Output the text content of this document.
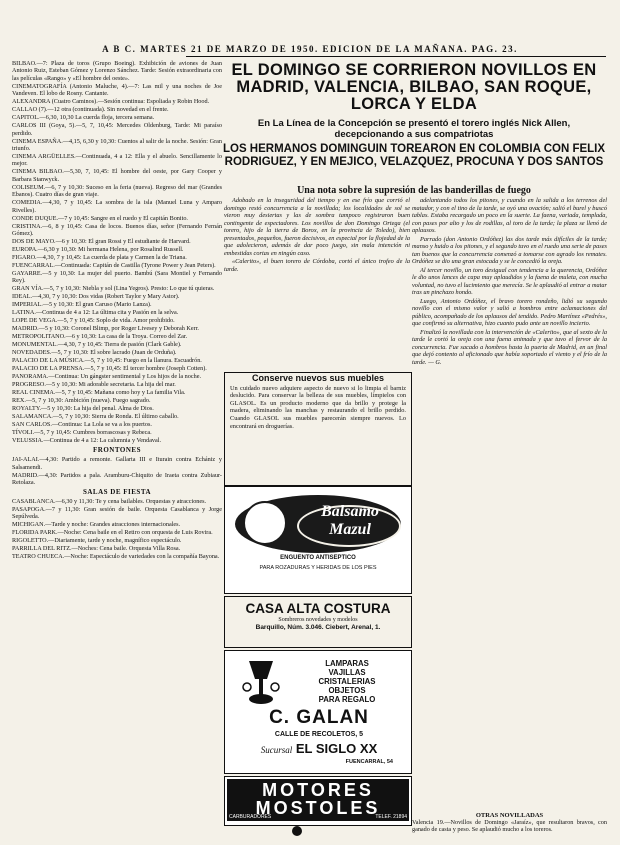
A B C. MARTES 21 DE MARZO DE 1950. EDICION DE LA MAÑANA. PAG. 23.

BILBAO.—7: Plaza de toros (Grupo Boeing). Exhibición de aviones de Juan Antonio Ruiz, Esteban Gómez y Lorenzo Sánchez. Tarde: Sesión extraordinaria con las películas «Rango» y «El hombre del oeste».

CINEMATOGRAFÍA (Antonio Maluche, 4).—7: Las mil y una noches de Joe Vandeven. El lobo de Rosny. Cantante.

ALEXANDRA (Cuatro Caminos).—Sesión continua: Espoliada y Robin Hood.

CALLAO (7).—12 otra (continuada). Sin novedad en el frente.

CAPITOL.—6,30, 10,30 La cuerda floja, tercera semana.

CARLOS III (Goya, 5).—5, 7, 10,45: Mercedes Oldenburg, Tarde: Mi paraíso perdido.

CINEMA ESPAÑA.—4,15, 6,30 y 10,30: Cuentos al salir de la noche. Sesión: Gran triunfo.

CINEMA ARGÜELLES.—Continuada, 4 a 12: Ella y el abuelo. Sencillamente lo mejor.

CINEMA BILBAO.—5,30, 7, 10,45: El hombre del oeste, por Gary Cooper y Barbara Stanwyck.

COLISEUM.—6, 7 y 10,30: Suceso en la feria (nueva). Regreso del mar (Grandes Ebanos). Cuatro días de gran viaje.

COMEDIA.—4,30, 7 y 10,45: La sombra de la isla (Manuel Luna y Amparo Rivelles).

CONDE DUQUE.—7 y 10,45: Sangre en el ruedo y El capitán Bonito.

CRISTINA.—6, 8 y 10,45: Casa de locos. Buenos días, señor (Fernando Fernán Gómez).

DOS DE MAYO.—6 y 10,30: El gran Rossi y El estudiante de Harvard.

EUROPA.—6,30 y 10,30: Mi hermana Helena, por Rosalind Russell.

FIGARO.—4,30, 7 y 10,45: La cuerda de plata y Carmen la de Triana.

FUENCARRAL.—Continuada: Capitán de Castilla (Tyrone Power y Jean Peters).

GAYARRE.—5 y 10,30: La mujer del puerto. Bambú (Sara Montiel y Fernando Rey).

GRAN VÍA.—5, 7 y 10,30: Niebla y sol (Lina Yegros). Presto: Lo que tú quieras.

IDEAL.—4,30, 7 y 10,30: Dos vidas (Robert Taylor y Mary Astor).

IMPERIAL.—5 y 10,30: El gran Caruso (Mario Lanza).

LATINA.—Continua de 4 a 12: La última cita y Pasión en la selva.

LOPE DE VEGA.—5, 7 y 10,45: Soplo de vida. Amor prohibido.

MADRID.—5 y 10,30: Coronel Blimp, por Roger Livesey y Deborah Kerr.

METROPOLITANO.—6 y 10,30: La casa de la Troya. Correo del Zar.

MONUMENTAL.—4,30, 7 y 10,45: Tierra de pasión (Clark Gable).

NOVEDADES.—5, 7 y 10,30: El sobre lacrado (Juan de Orduña).

PALACIO DE LA MÚSICA.—5, 7 y 10,45: Fuego en la llanura. Escuadrón.

PALACIO DE LA PRENSA.—5, 7 y 10,45: El tercer hombre (Joseph Cotten).

PANORAMA.—Continua: Un gángster sentimental y Los hijos de la noche.

PROGRESO.—5 y 10,30: Mi adorable secretaria. La hija del mar.

REAL CINEMA.—5, 7 y 10,45: Mañana como hoy y La familia Vila.

REX.—5, 7 y 10,30: Ambición (nueva). Fuego sagrado.

ROYALTY.—5 y 10,30: La hija del penal. Alma de Dios.

SALAMANCA.—5, 7 y 10,30: Sierra de Ronda. El último caballo.

SAN CARLOS.—Continua: La Lola se va a los puertos.

TÍVOLI.—5, 7 y 10,45: Cumbres borrascosas y Rebeca.

VELUSSIA.—Continua de 4 a 12: La calumnia y Vendaval.

FRONTONES

JAI-ALAI.—4,30: Partido a remonte. Gallarta III e Iturain contra Echániz y Salsamendi.

MADRID.—4,30: Partidos a pala. Aramburu-Chiquito de Iraeta contra Zubiaur-Retolaza.

SALAS DE FIESTA

CASABLANCA.—6,30 y 11,30: Te y cena bailables. Orquestas y atracciones.

PASAPOGA.—7 y 11,30: Gran sesión de baile. Orquesta Casablanca y Jorge Sepúlveda.

MICHIGAN.—Tarde y noche: Grandes atracciones internacionales.

FLORIDA PARK.—Noche: Cena baile en el Retiro con orquesta de Luis Rovira.

RIGOLETTO.—Diariamente, tarde y noche, magnífico espectáculo.

PARRILLA DEL RITZ.—Noches: Cena baile. Orquesta Villa Rosa.

TEATRO CHUECA.—Noche: Espectáculo de variedades con la compañía Bayona.

EL DOMINGO SE CORRIERON NOVILLOS EN MADRID, VALENCIA, BILBAO, SAN ROQUE, LORCA Y ELDA
En La Línea de la Concepción se presentó el torero inglés Nick Allen, decepcionando a sus compatriotas
LOS HERMANOS DOMINGUIN TOREARON EN COLOMBIA CON FELIX RODRIGUEZ, Y EN MEJICO, VELAZQUEZ, PROCUNA Y DOS SANTOS
Una nota sobre la supresión de las banderillas de fuego

Adobado en la inseguridad del tiempo y en ese frío que corrió el domingo restó concurrencia a la novillada; los localidades de sol se vieron muy desiertas y las de sombra tampoco registraron buen contingente de espectadores. Los novillos de don Domingo Ortega (el torero, hijo de la tierra de Borox, en la provincia de Toledo), bien presentados, pequeños, fueron decisivos, en especial por la flojedad de la que adolecieron, además de dar poco juego, sin mala intención ni embestidas cortas en ningún caso.

«Calerito», el buen torero de Córdoba, cortó el único trofeo de la tarde.

adelantando todos los pitones, y cuando en la salida a los terrenos del matador, y con el tino de la tarde, se oyó una ovación; salió el burel y buscó tablas. Estaba recargado un poco en la suerte. La faena, variada, templada, con pases por alto y los de rodillas, al toro de la tarde; la plaza se llenó de aplausos.

Parrado (don Antonio Ordóñez) las dos tarde más difíciles de la tarde; manso y huido a los pitones, y el segundo tuvo en el ruedo una serie de pases tan buenos que la concurrencia comenzó a tomarse con agrado los remates. Ordóñez se dio una gran estocada y se le concedió la oreja.

Al tercer novillo, un toro desigual con tendencia a la querencia, Ordóñez le dio unos lances de capa muy aplaudidos y la faena de muleta, con mucha voluntad, no tuvo el lucimiento que merecía. Se le aplaudió al entrar a matar tras un pinchazo hondo.

Luego, Antonio Ordóñez, el bravo torero rondeño, lidió su segundo novillo con el mismo valor y salió a hombros entre aclamaciones del público, acompañado de los aplausos del tendido. Pedro Martínez «Pedrés», que confirmó su alternativa, hizo cuanto pudo ante un novillo incierto.

Finalizó la novillada con la intervención de «Calerito», que al sexto de la tarde le cortó la oreja con una faena animada y que tuvo el fervor de la concurrencia. Fue sacado a hombros hasta la puerta de Madrid, en un final que dejó contento al aficionado que había soportado el viento y el frío de la tarde. — G.

Conserve nuevos sus muebles
Un cuidado nuevo adquiere aspecto de nuevo si lo limpia el barniz deslucido. Para conservar la belleza de sus muebles, límpielos con GLASOL. Es un producto moderno que da brillo y protege la madera, eliminando las manchas y restaurando el brillo perdido. Cuando GLASOL sus muebles parecerán siempre nuevos. Lo encontrará en droguerías.
Balsamo
Mazul
ENGUENTO ANTISEPTICO
PARA ROZADURAS Y HERIDAS DE LOS PIES
CASA ALTA COSTURA
Sombreros novedades y modelos
Barquillo, Núm. 3.046. Ciebert, Arenal, 1.
LAMPARAS
VAJILLAS
CRISTALERIAS
OBJETOS
PARA REGALO
C. GALAN
CALLE DE RECOLETOS, 5
Sucursal EL SIGLO XX
FUENCARRAL, 54
MOTORES
MOSTOLES
CARBURADORES	TELEF. 21894	OTRAS NOVILLADAS
Valencia 19.—Novillos de Domingo «Jaraíz», que resultaron bravos, con ganado de casta y peso. Se aplaudió mucho a los toreros.
